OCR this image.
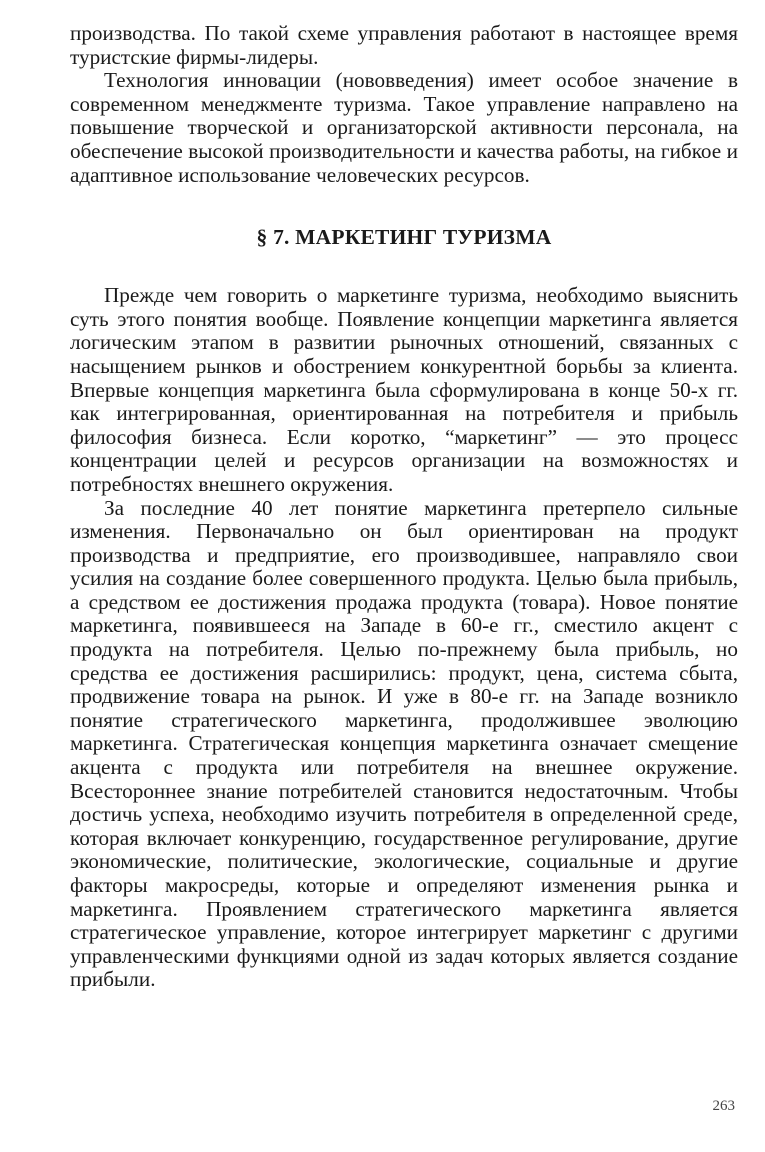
производства. По такой схеме управления работают в настоящее время туристские фирмы-лидеры.

Технология инновации (нововведения) имеет особое значение в современном менеджменте туризма. Такое управление направлено на повышение творческой и организаторской активности персонала, на обеспечение высокой производительности и качества работы, на гибкое и адаптивное использование человеческих ресурсов.

§ 7. МАРКЕТИНГ ТУРИЗМА

Прежде чем говорить о маркетинге туризма, необходимо выяснить суть этого понятия вообще. Появление концепции маркетинга является логическим этапом в развитии рыночных отношений, связанных с насыщением рынков и обострением конкурентной борьбы за клиента. Впервые концепция маркетинга была сформулирована в конце 50-х гг. как интегрированная, ориентированная на потребителя и прибыль философия бизнеса. Если коротко, “маркетинг” — это процесс концентрации целей и ресурсов организации на возможностях и потребностях внешнего окружения.

За последние 40 лет понятие маркетинга претерпело сильные изменения. Первоначально он был ориентирован на продукт производства и предприятие, его производившее, направляло свои усилия на создание более совершенного продукта. Целью была прибыль, а средством ее достижения продажа продукта (товара). Новое понятие маркетинга, появившееся на Западе в 60-е гг., сместило акцент с продукта на потребителя. Целью по-прежнему была прибыль, но средства ее достижения расширились: продукт, цена, система сбыта, продвижение товара на рынок. И уже в 80-е гг. на Западе возникло понятие стратегического маркетинга, продолжившее эволюцию маркетинга. Стратегическая концепция маркетинга означает смещение акцента с продукта или потребителя на внешнее окружение. Всестороннее знание потребителей становится недостаточным. Чтобы достичь успеха, необходимо изучить потребителя в определенной среде, которая включает конкуренцию, государственное регулирование, другие экономические, политические, экологические, социальные и другие факторы макросреды, которые и определяют изменения рынка и маркетинга. Проявлением стратегического маркетинга является стратегическое управление, которое интегрирует маркетинг с другими управленческими функциями одной из задач которых является создание прибыли.

263
